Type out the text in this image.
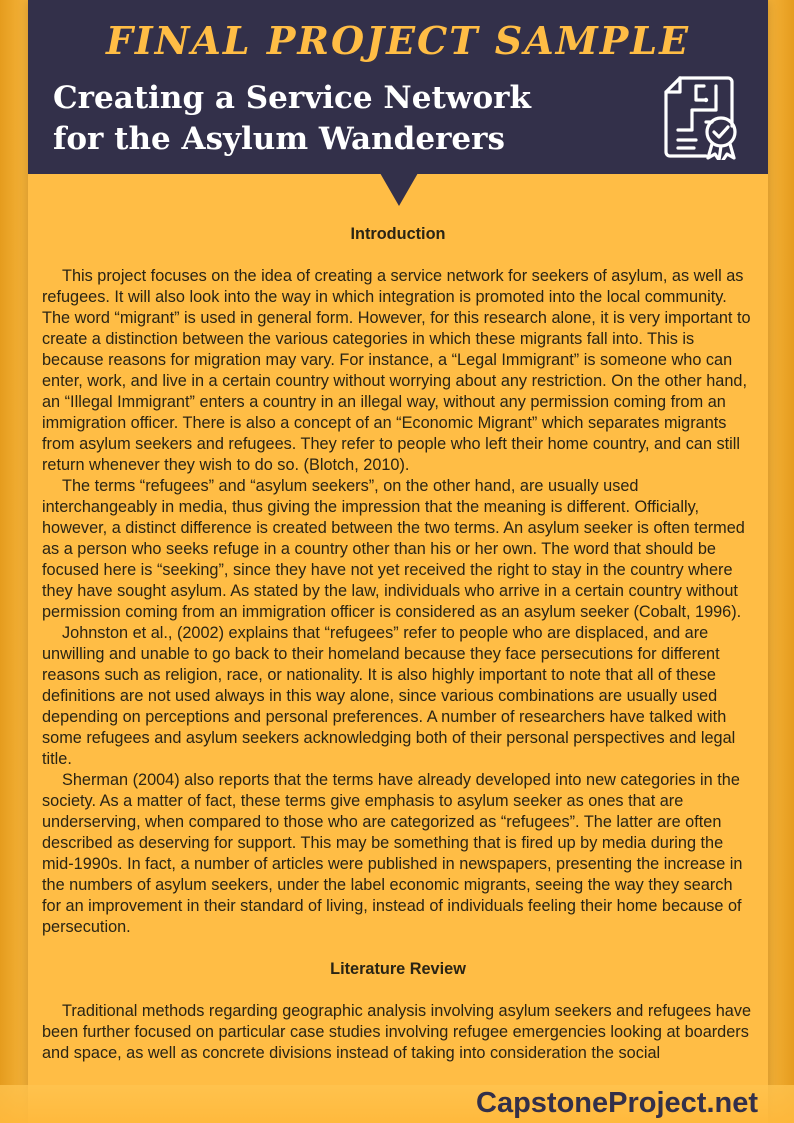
FINAL PROJECT SAMPLE
Creating a Service Network
for the Asylum Wanderers
Introduction

This project focuses on the idea of creating a service network for seekers of asylum, as well as refugees. It will also look into the way in which integration is promoted into the local community. The word “migrant” is used in general form. However, for this research alone, it is very important to create a distinction between the various categories in which these migrants fall into. This is because reasons for migration may vary. For instance, a “Legal Immigrant” is someone who can enter, work, and live in a certain country without worrying about any restriction. On the other hand, an “Illegal Immigrant” enters a country in an illegal way, without any permission coming from an immigration officer. There is also a concept of an “Economic Migrant” which separates migrants from asylum seekers and refugees. They refer to people who left their home country, and can still return whenever they wish to do so. (Blotch, 2010).

The terms “refugees” and “asylum seekers”, on the other hand, are usually used interchangeably in media, thus giving the impression that the meaning is different. Officially, however, a distinct difference is created between the two terms. An asylum seeker is often termed as a person who seeks refuge in a country other than his or her own. The word that should be focused here is “seeking”, since they have not yet received the right to stay in the country where they have sought asylum. As stated by the law, individuals who arrive in a certain country without permission coming from an immigration officer is considered as an asylum seeker (Cobalt, 1996).

Johnston et al., (2002) explains that “refugees” refer to people who are displaced, and are unwilling and unable to go back to their homeland because they face persecutions for different reasons such as religion, race, or nationality. It is also highly important to note that all of these definitions are not used always in this way alone, since various combinations are usually used depending on perceptions and personal preferences. A number of researchers have talked with some refugees and asylum seekers acknowledging both of their personal perspectives and legal title.

Sherman (2004) also reports that the terms have already developed into new categories in the society. As a matter of fact, these terms give emphasis to asylum seeker as ones that are underserving, when compared to those who are categorized as “refugees”. The latter are often described as deserving for support. This may be something that is fired up by media during the mid-1990s. In fact, a number of articles were published in newspapers, presenting the increase in the numbers of asylum seekers, under the label economic migrants, seeing the way they search for an improvement in their standard of living, instead of individuals feeling their home because of persecution.

Literature Review

Traditional methods regarding geographic analysis involving asylum seekers and refugees have been further focused on particular case studies involving refugee emergencies looking at boarders and space, as well as concrete divisions instead of taking into consideration the social

CapstoneProject.net
